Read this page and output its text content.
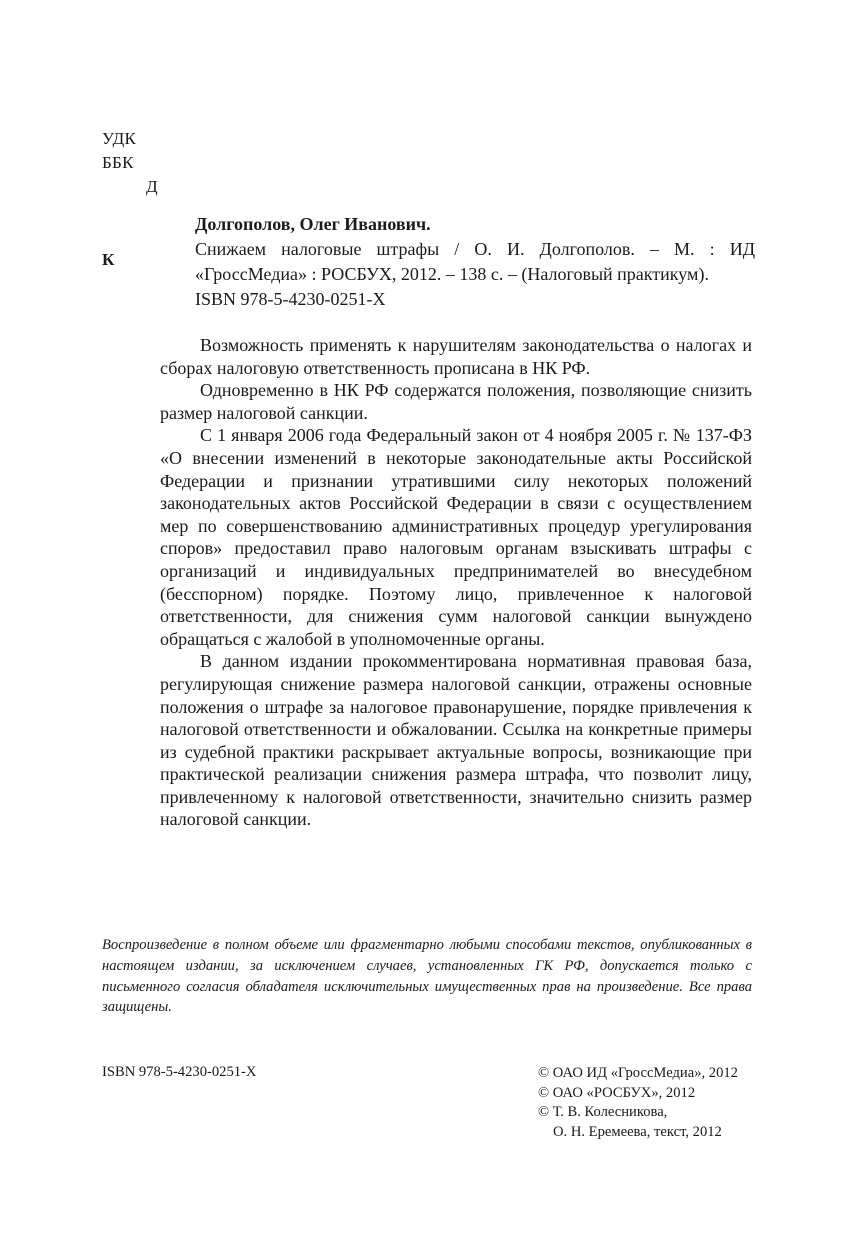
УДК
ББК
Д
К
Долгополов, Олег Иванович.
Снижаем налоговые штрафы / О. И. Долгополов. – М. : ИД
«ГроссМедиа» : РОСБУХ, 2012. – 138 с. – (Налоговый практикум).
ISBN 978-5-4230-0251-X

Возможность применять к нарушителям законодательства о налогах и сборах налоговую ответственность прописана в НК РФ.

Одновременно в НК РФ содержатся положения, позволяющие снизить размер налоговой санкции.

С 1 января 2006 года Федеральный закон от 4 ноября 2005 г. № 137-ФЗ «О внесении изменений в некоторые законодательные акты Российской Федерации и признании утратившими силу некоторых положений законодательных актов Российской Федерации в связи с осуществлением мер по совершенствованию административных процедур урегулирования споров» предоставил право налоговым органам взыскивать штрафы с организаций и индивидуальных предпринимателей во внесудебном (бесспорном) порядке. Поэтому лицо, привлеченное к налоговой ответственности, для снижения сумм налоговой санкции вынуждено обращаться с жалобой в уполномоченные органы.

В данном издании прокомментирована нормативная правовая база, регулирующая снижение размера налоговой санкции, отражены основные положения о штрафе за налоговое правонарушение, порядке привлечения к налоговой ответственности и обжаловании. Ссылка на конкретные примеры из судебной практики раскрывает актуальные вопросы, возникающие при практической реализации снижения размера штрафа, что позволит лицу, привлеченному к налоговой ответственности, значительно снизить размер налоговой санкции.

Воспроизведение в полном объеме или фрагментарно любыми способами текстов, опубликованных в настоящем издании, за исключением случаев, установленных ГК РФ, допускается только с письменного согласия обладателя исключительных имущественных прав на произведение. Все права защищены.
ISBN 978-5-4230-0251-X	© ОАО ИД «ГроссМедиа», 2012
© ОАО «РОСБУХ», 2012
© Т. В. Колесникова,
О. Н. Еремеева, текст, 2012
